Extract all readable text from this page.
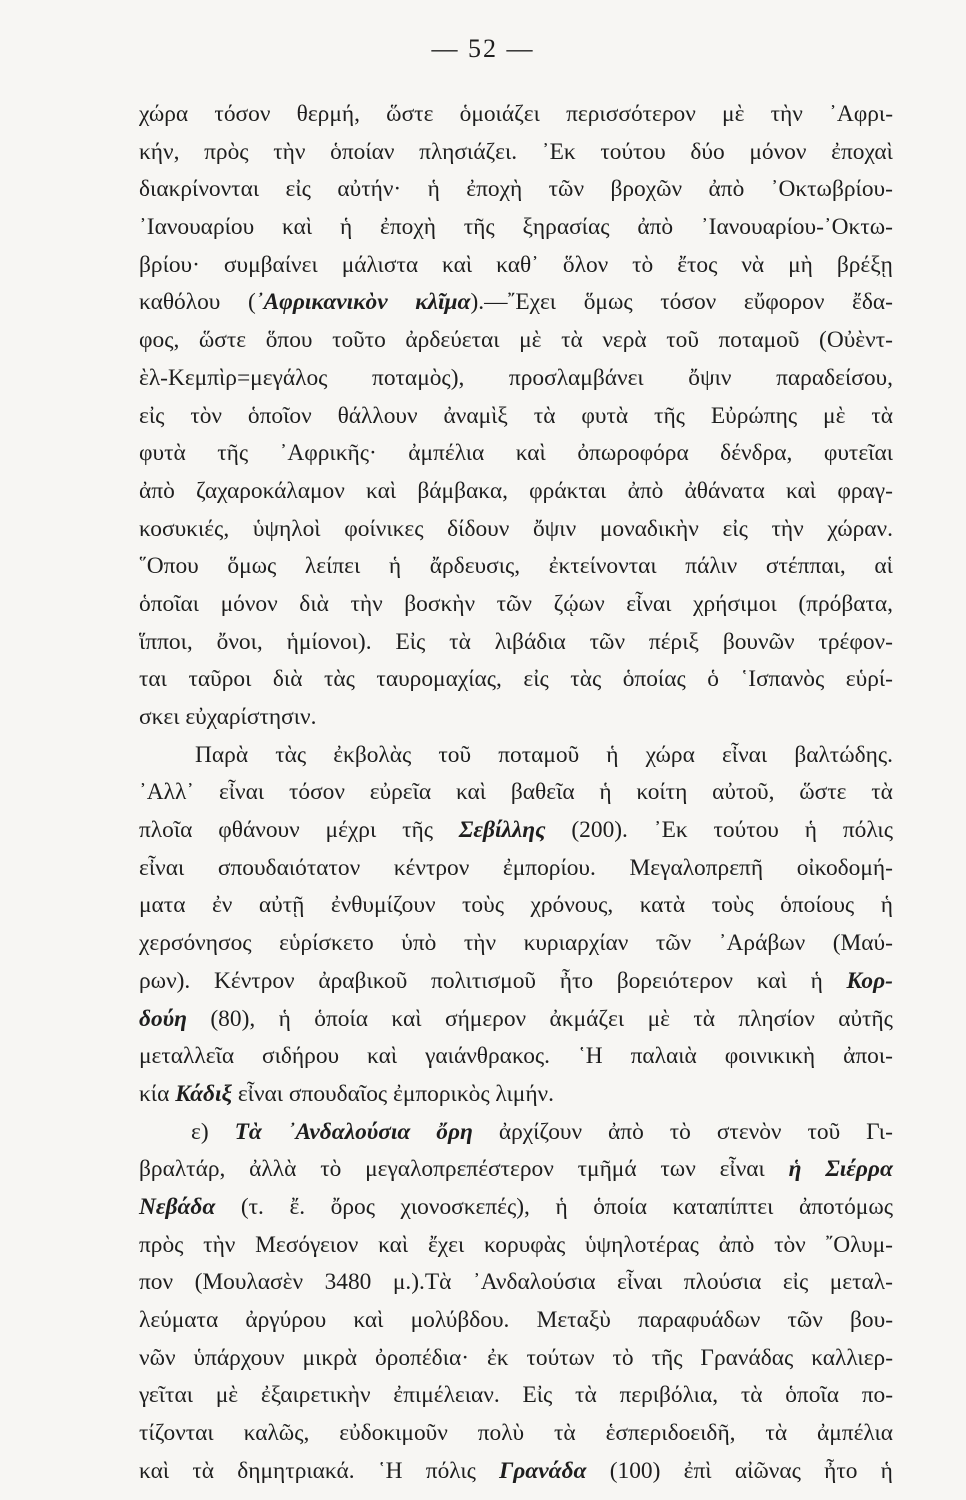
— 52 —
χώρα τόσον θερμή, ὥστε ὁμοιάζει περισσότερον μὲ τὴν ᾿Αφρι-
κήν, πρὸς τὴν ὁποίαν πλησιάζει. ᾿Εκ τούτου δύο μόνον ἐποχαὶ
διακρίνονται εἰς αὐτήν· ἡ ἐποχὴ τῶν βροχῶν ἀπὸ ᾿Οκτωβρίου-
᾿Ιανουαρίου καὶ ἡ ἐποχὴ τῆς ξηρασίας ἀπὸ ᾿Ιανουαρίου-᾿Οκτω-
βρίου· συμβαίνει μάλιστα καὶ καθ᾿ ὅλον τὸ ἔτος νὰ μὴ βρέξῃ
καθόλου (᾿Αφρικανικὸν κλῖμα).—῎Εχει ὅμως τόσον εὔφορον ἔδα-
φος, ὥστε ὅπου τοῦτο ἀρδεύεται μὲ τὰ νερὰ τοῦ ποταμοῦ (Οὐὲντ-
ὲλ-Κεμπὶρ=μεγάλος ποταμὸς), προσλαμβάνει ὄψιν παραδείσου,
εἰς τὸν ὁποῖον θάλλουν ἀναμὶξ τὰ φυτὰ τῆς Εὐρώπης μὲ τὰ
φυτὰ τῆς ᾿Αφρικῆς· ἀμπέλια καὶ ὀπωροφόρα δένδρα, φυτεῖαι
ἀπὸ ζαχαροκάλαμον καὶ βάμβακα, φράκται ἀπὸ ἀθάνατα καὶ φραγ-
κοσυκιές, ὑψηλοὶ φοίνικες δίδουν ὄψιν μοναδικὴν εἰς τὴν χώραν.
῞Οπου ὅμως λείπει ἡ ἄρδευσις, ἐκτείνονται πάλιν στέππαι, αἱ
ὁποῖαι μόνον διὰ τὴν βοσκὴν τῶν ζῴων εἶναι χρήσιμοι (πρόβατα,
ἵπποι, ὄνοι, ἡμίονοι). Εἰς τὰ λιβάδια τῶν πέριξ βουνῶν τρέφον-
ται ταῦροι διὰ τὰς ταυρομαχίας, εἰς τὰς ὁποίας ὁ ῾Ισπανὸς εὑρί-
σκει εὐχαρίστησιν.
Παρὰ τὰς ἐκβολὰς τοῦ ποταμοῦ ἡ χώρα εἶναι βαλτώδης.
᾿Αλλ᾿ εἶναι τόσον εὐρεῖα καὶ βαθεῖα ἡ κοίτη αὐτοῦ, ὥστε τὰ
πλοῖα φθάνουν μέχρι τῆς Σεβίλλης (200). ᾿Εκ τούτου ἡ πόλις
εἶναι σπουδαιότατον κέντρον ἐμπορίου. Μεγαλοπρεπῆ οἰκοδομή-
ματα ἐν αὐτῇ ἐνθυμίζουν τοὺς χρόνους, κατὰ τοὺς ὁποίους ἡ
χερσόνησος εὑρίσκετο ὑπὸ τὴν κυριαρχίαν τῶν ᾿Αράβων (Μαύ-
ρων). Κέντρον ἀραβικοῦ πολιτισμοῦ ἦτο βορειότερον καὶ ἡ Κορ-
δούη (80), ἡ ὁποία καὶ σήμερον ἀκμάζει μὲ τὰ πλησίον αὐτῆς
μεταλλεῖα σιδήρου καὶ γαιάνθρακος. ῾Η παλαιὰ φοινικικὴ ἀποι-
κία Κάδιξ εἶναι σπουδαῖος ἐμπορικὸς λιμήν.
ε) Τὰ ᾿Ανδαλούσια ὄρη ἀρχίζουν ἀπὸ τὸ στενὸν τοῦ Γι-
βραλτάρ, ἀλλὰ τὸ μεγαλοπρεπέστερον τμῆμά των εἶναι ἡ Σιέρρα
Νεβάδα (τ. ἔ. ὄρος χιονοσκεπές), ἡ ὁποία καταπίπτει ἀποτόμως
πρὸς τὴν Μεσόγειον καὶ ἔχει κορυφὰς ὑψηλοτέρας ἀπὸ τὸν ῎Ολυμ-
πον (Μουλασὲν 3480 μ.).Τὰ ᾿Ανδαλούσια εἶναι πλούσια εἰς μεταλ-
λεύματα ἀργύρου καὶ μολύβδου. Μεταξὺ παραφυάδων τῶν βου-
νῶν ὑπάρχουν μικρὰ ὀροπέδια· ἐκ τούτων τὸ τῆς Γρανάδας καλλιερ-
γεῖται μὲ ἐξαιρετικὴν ἐπιμέλειαν. Εἰς τὰ περιβόλια, τὰ ὁποῖα πο-
τίζονται καλῶς, εὐδοκιμοῦν πολὺ τὰ ἑσπεριδοειδῆ, τὰ ἀμπέλια
καὶ τὰ δημητριακά. ῾Η πόλις Γρανάδα (100) ἐπὶ αἰῶνας ἦτο ἡ
